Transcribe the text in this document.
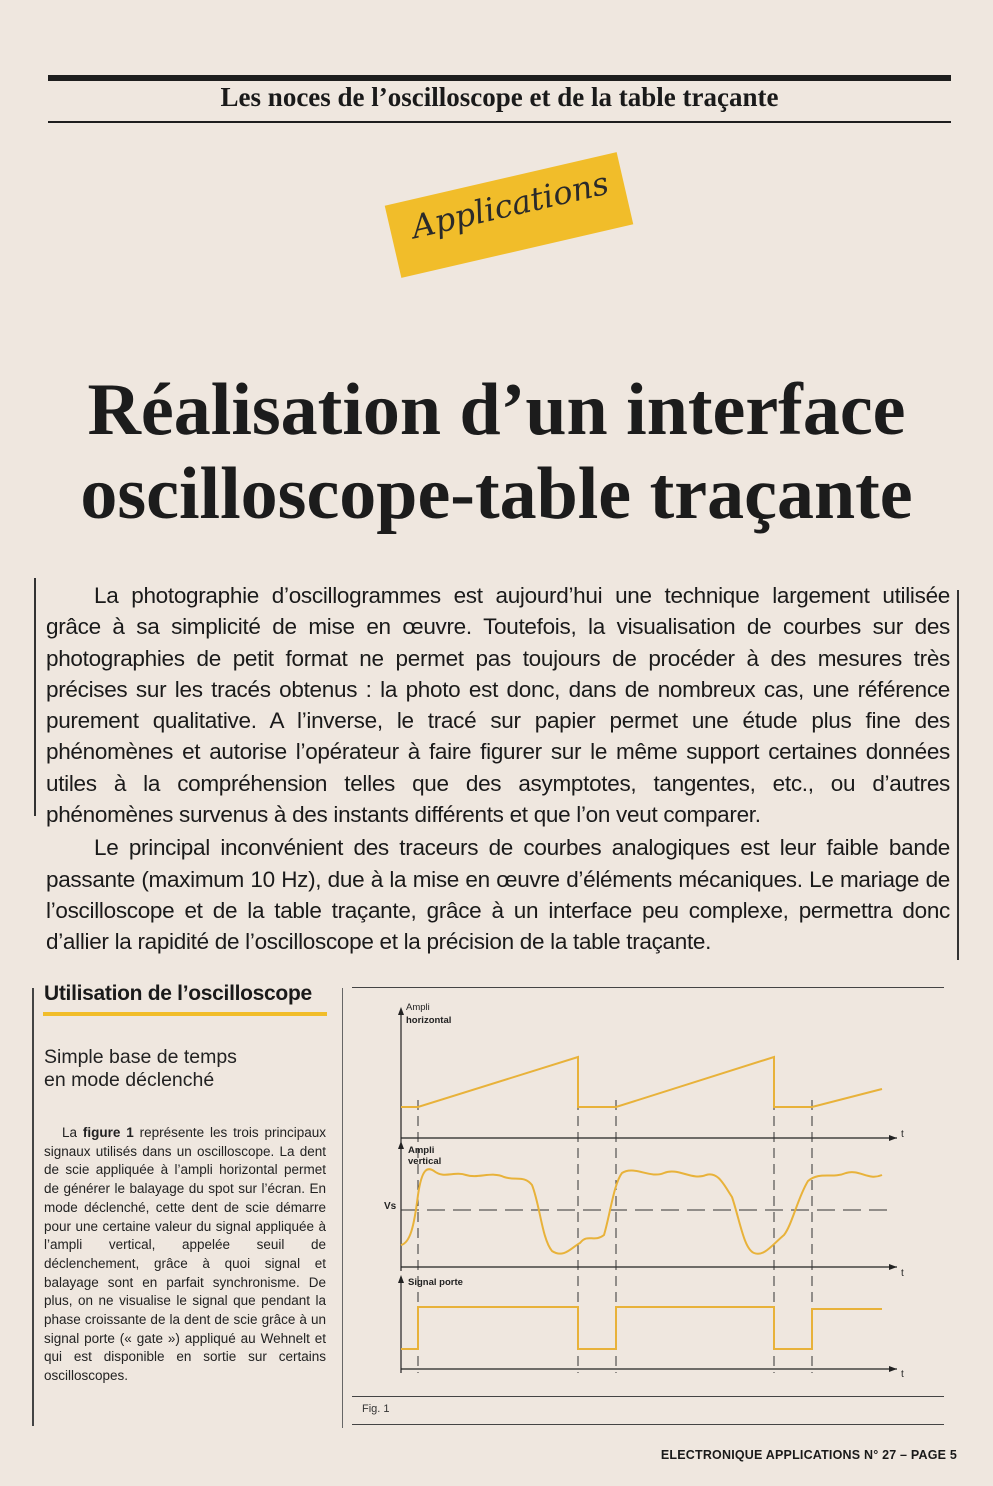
Les noces de l’oscilloscope et de la table traçante
Applications
Réalisation d’un interface
oscilloscope-table traçante

La photographie d’oscillogrammes est aujourd’hui une technique largement utilisée grâce à sa simplicité de mise en œuvre. Toutefois, la visualisation de courbes sur des photographies de petit format ne permet pas toujours de procéder à des mesures très précises sur les tracés obtenus : la photo est donc, dans de nombreux cas, une référence purement qualitative. A l’inverse, le tracé sur papier permet une étude plus fine des phénomènes et autorise l’opérateur à faire figurer sur le même support certaines données utiles à la compréhension telles que des asymptotes, tangentes, etc., ou d’autres phénomènes survenus à des instants différents et que l’on veut comparer.

Le principal inconvénient des traceurs de courbes analogiques est leur faible bande passante (maximum 10 Hz), due à la mise en œuvre d’éléments mécaniques. Le mariage de l’oscilloscope et de la table traçante, grâce à un interface peu complexe, permettra donc d’allier la rapidité de l’oscilloscope et la précision de la table traçante.

Utilisation de l’oscilloscope
Simple base de temps
en mode déclenché

La figure 1 représente les trois principaux signaux utilisés dans un oscilloscope. La dent de scie appliquée à l’ampli horizontal permet de générer le balayage du spot sur l’écran. En mode déclenché, cette dent de scie démarre pour une certaine valeur du signal appliquée à l’ampli vertical, appelée seuil de déclenchement, grâce à quoi signal et balayage sont en parfait synchronisme. De plus, on ne visualise le signal que pendant la phase croissante de la dent de scie grâce à un signal porte (« gate ») appliqué au Wehnelt et qui est disponible en sortie sur certains oscilloscopes.

Ampli
horizontal
Ampli
vertical
Vs
Signal porte
t
t
t
Fig. 1
ELECTRONIQUE APPLICATIONS N° 27 – PAGE 5
